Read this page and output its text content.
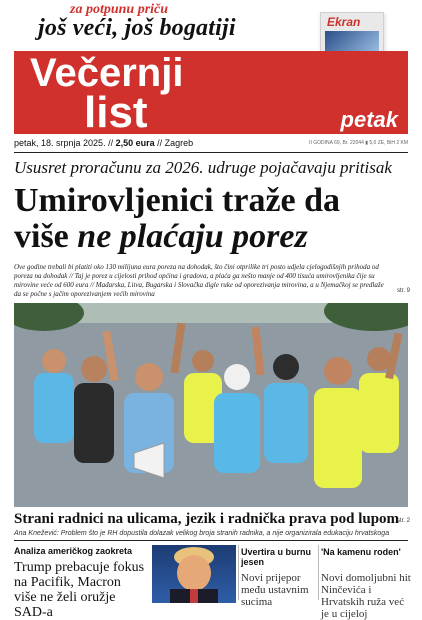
za potpunu priču
još veći, još bogatiji	Ekran
Večernji
list	petak
petak, 18. srpnja 2025. // 2,50 eura // Zagreb	II GODINA 69, Br. 22044 ▮ 5,0 ZE, BiH 2 KM
Ususret proračunu za 2026. udruge pojačavaju pritisak
Umirovljenici traže da
više ne plaćaju porez
Ove godine trebali bi platiti oko 130 milijuna eura poreza na dohodak, što čini otprilike tri posto udjela cjelogodišnjih prihoda od poreza na dohodak // Taj je porez u cijelosti prihod općina i gradova, a plaća ga nešto manje od 400 tisuća umirovljenika čije su mirovine veće od 600 eura // Mađarska, Litva, Bugarska i Slovačka digle ruke od oporezivanja mirovina, a u Njemačkoj se predlaže da se počne s jačim oporezivanjem većih mirovina	str. 9
Strani radnici na ulicama, jezik i radnička prava pod lupom
str. 2
Ana Knežević: Problem što je RH dopustila dolazak velikog broja stranih radnika, a nije organizirala edukaciju hrvatskoga
Analiza američkog zaokreta
Trump prebacuje fokus na Pacifik, Macron više ne želi oružje SAD-a
Uvertira u burnu jesen
Novi prijepor među ustavnim sucima
'Na kamenu roden'
Novi domoljubni hit Ninčevića i Hrvatskih ruža već je u cijeloj
